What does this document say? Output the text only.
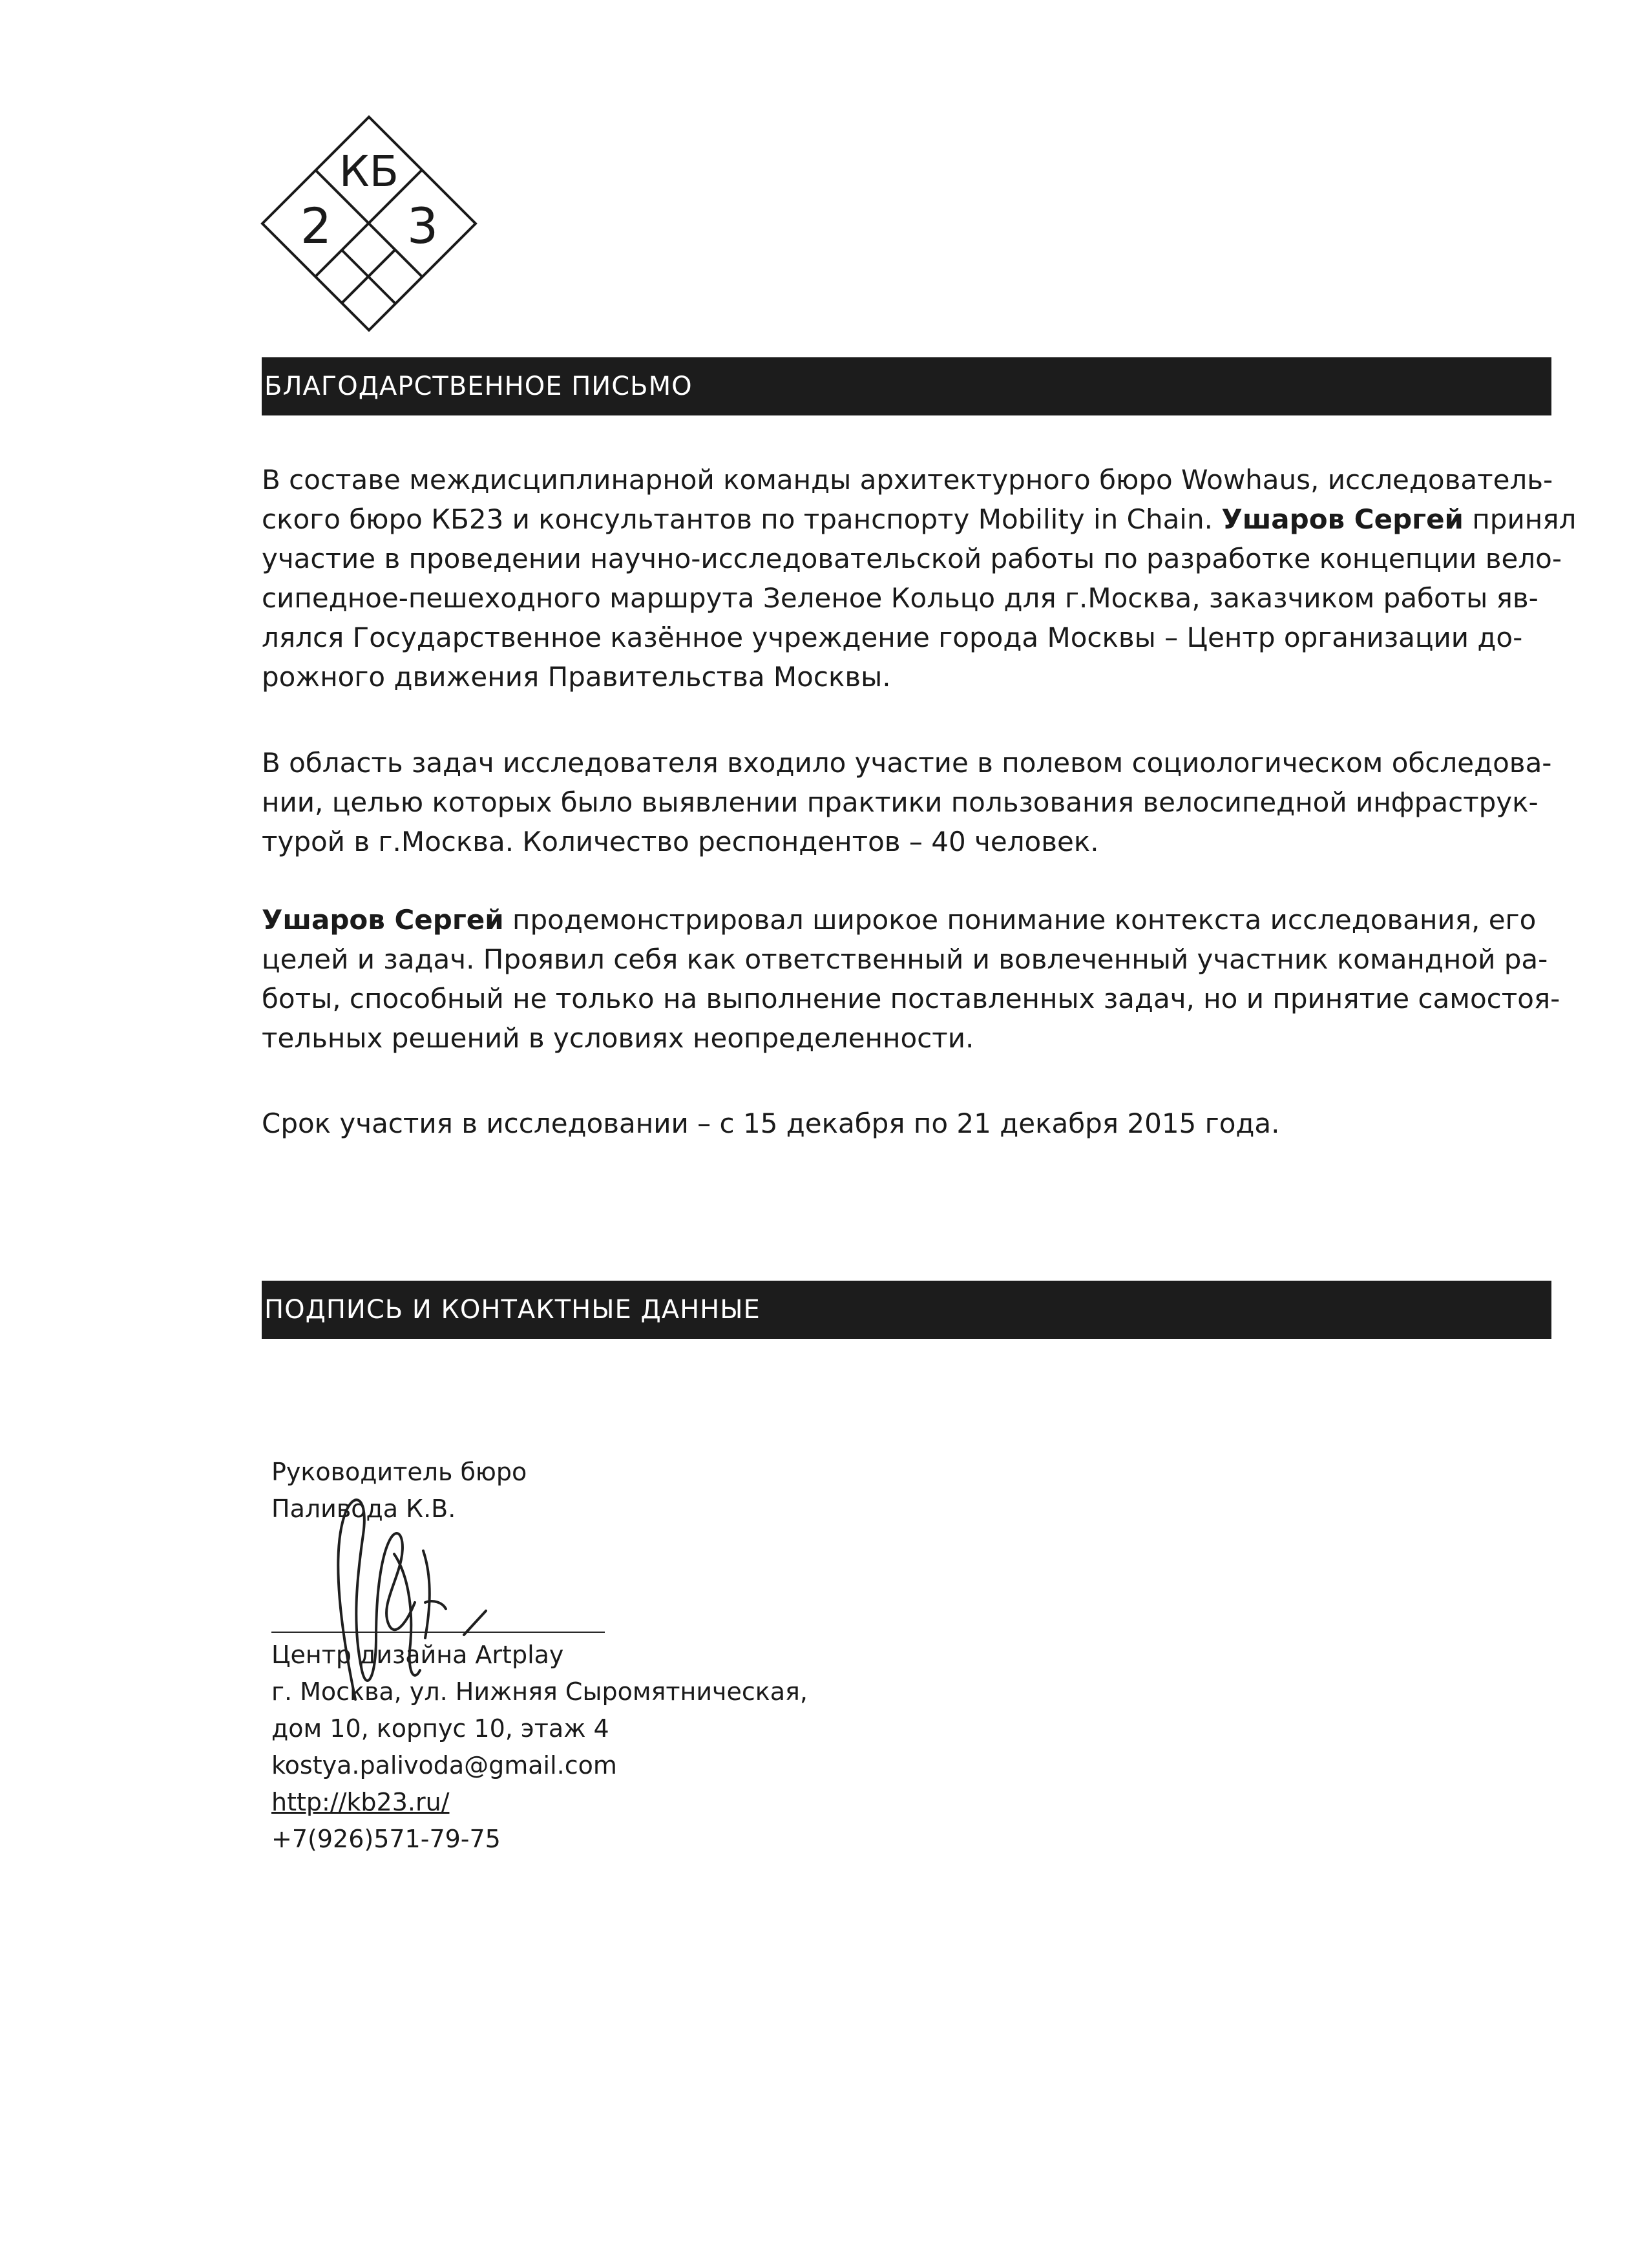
КБ
2 3
БЛАГОДАРСТВЕННОЕ ПИСЬМО
В составе междисциплинарной команды архитектурного бюро Wowhaus, исследователь-
ского бюро КБ23 и консультантов по транспорту Mobility in Chain. Ушаров Сергей принял
участие в проведении научно-исследовательской работы по разработке концепции вело-
сипедное-пешеходного маршрута Зеленое Кольцо для г.Москва, заказчиком работы яв-
лялся Государственное казённое учреждение города Москвы – Центр организации до-
рожного движения Правительства Москвы.
В область задач исследователя входило участие в полевом социологическом обследова-
нии, целью которых было выявлении практики пользования велосипедной инфраструк-
турой в г.Москва. Количество респондентов – 40 человек.
Ушаров Сергей продемонстрировал широкое понимание контекста исследования, его
целей и задач. Проявил себя как ответственный и вовлеченный участник командной ра-
боты, способный не только на выполнение поставленных задач, но и принятие самостоя-
тельных решений в условиях неопределенности.
Срок участия в исследовании – с 15 декабря по 21 декабря 2015 года.
ПОДПИСЬ И КОНТАКТНЫЕ ДАННЫЕ
Руководитель бюро
Паливода К.В.
Центр дизайна Artplay
г. Москва, ул. Нижняя Сыромятническая,
дом 10, корпус 10, этаж 4
kostya.palivoda@gmail.com
http://kb23.ru/
+7(926)571-79-75
